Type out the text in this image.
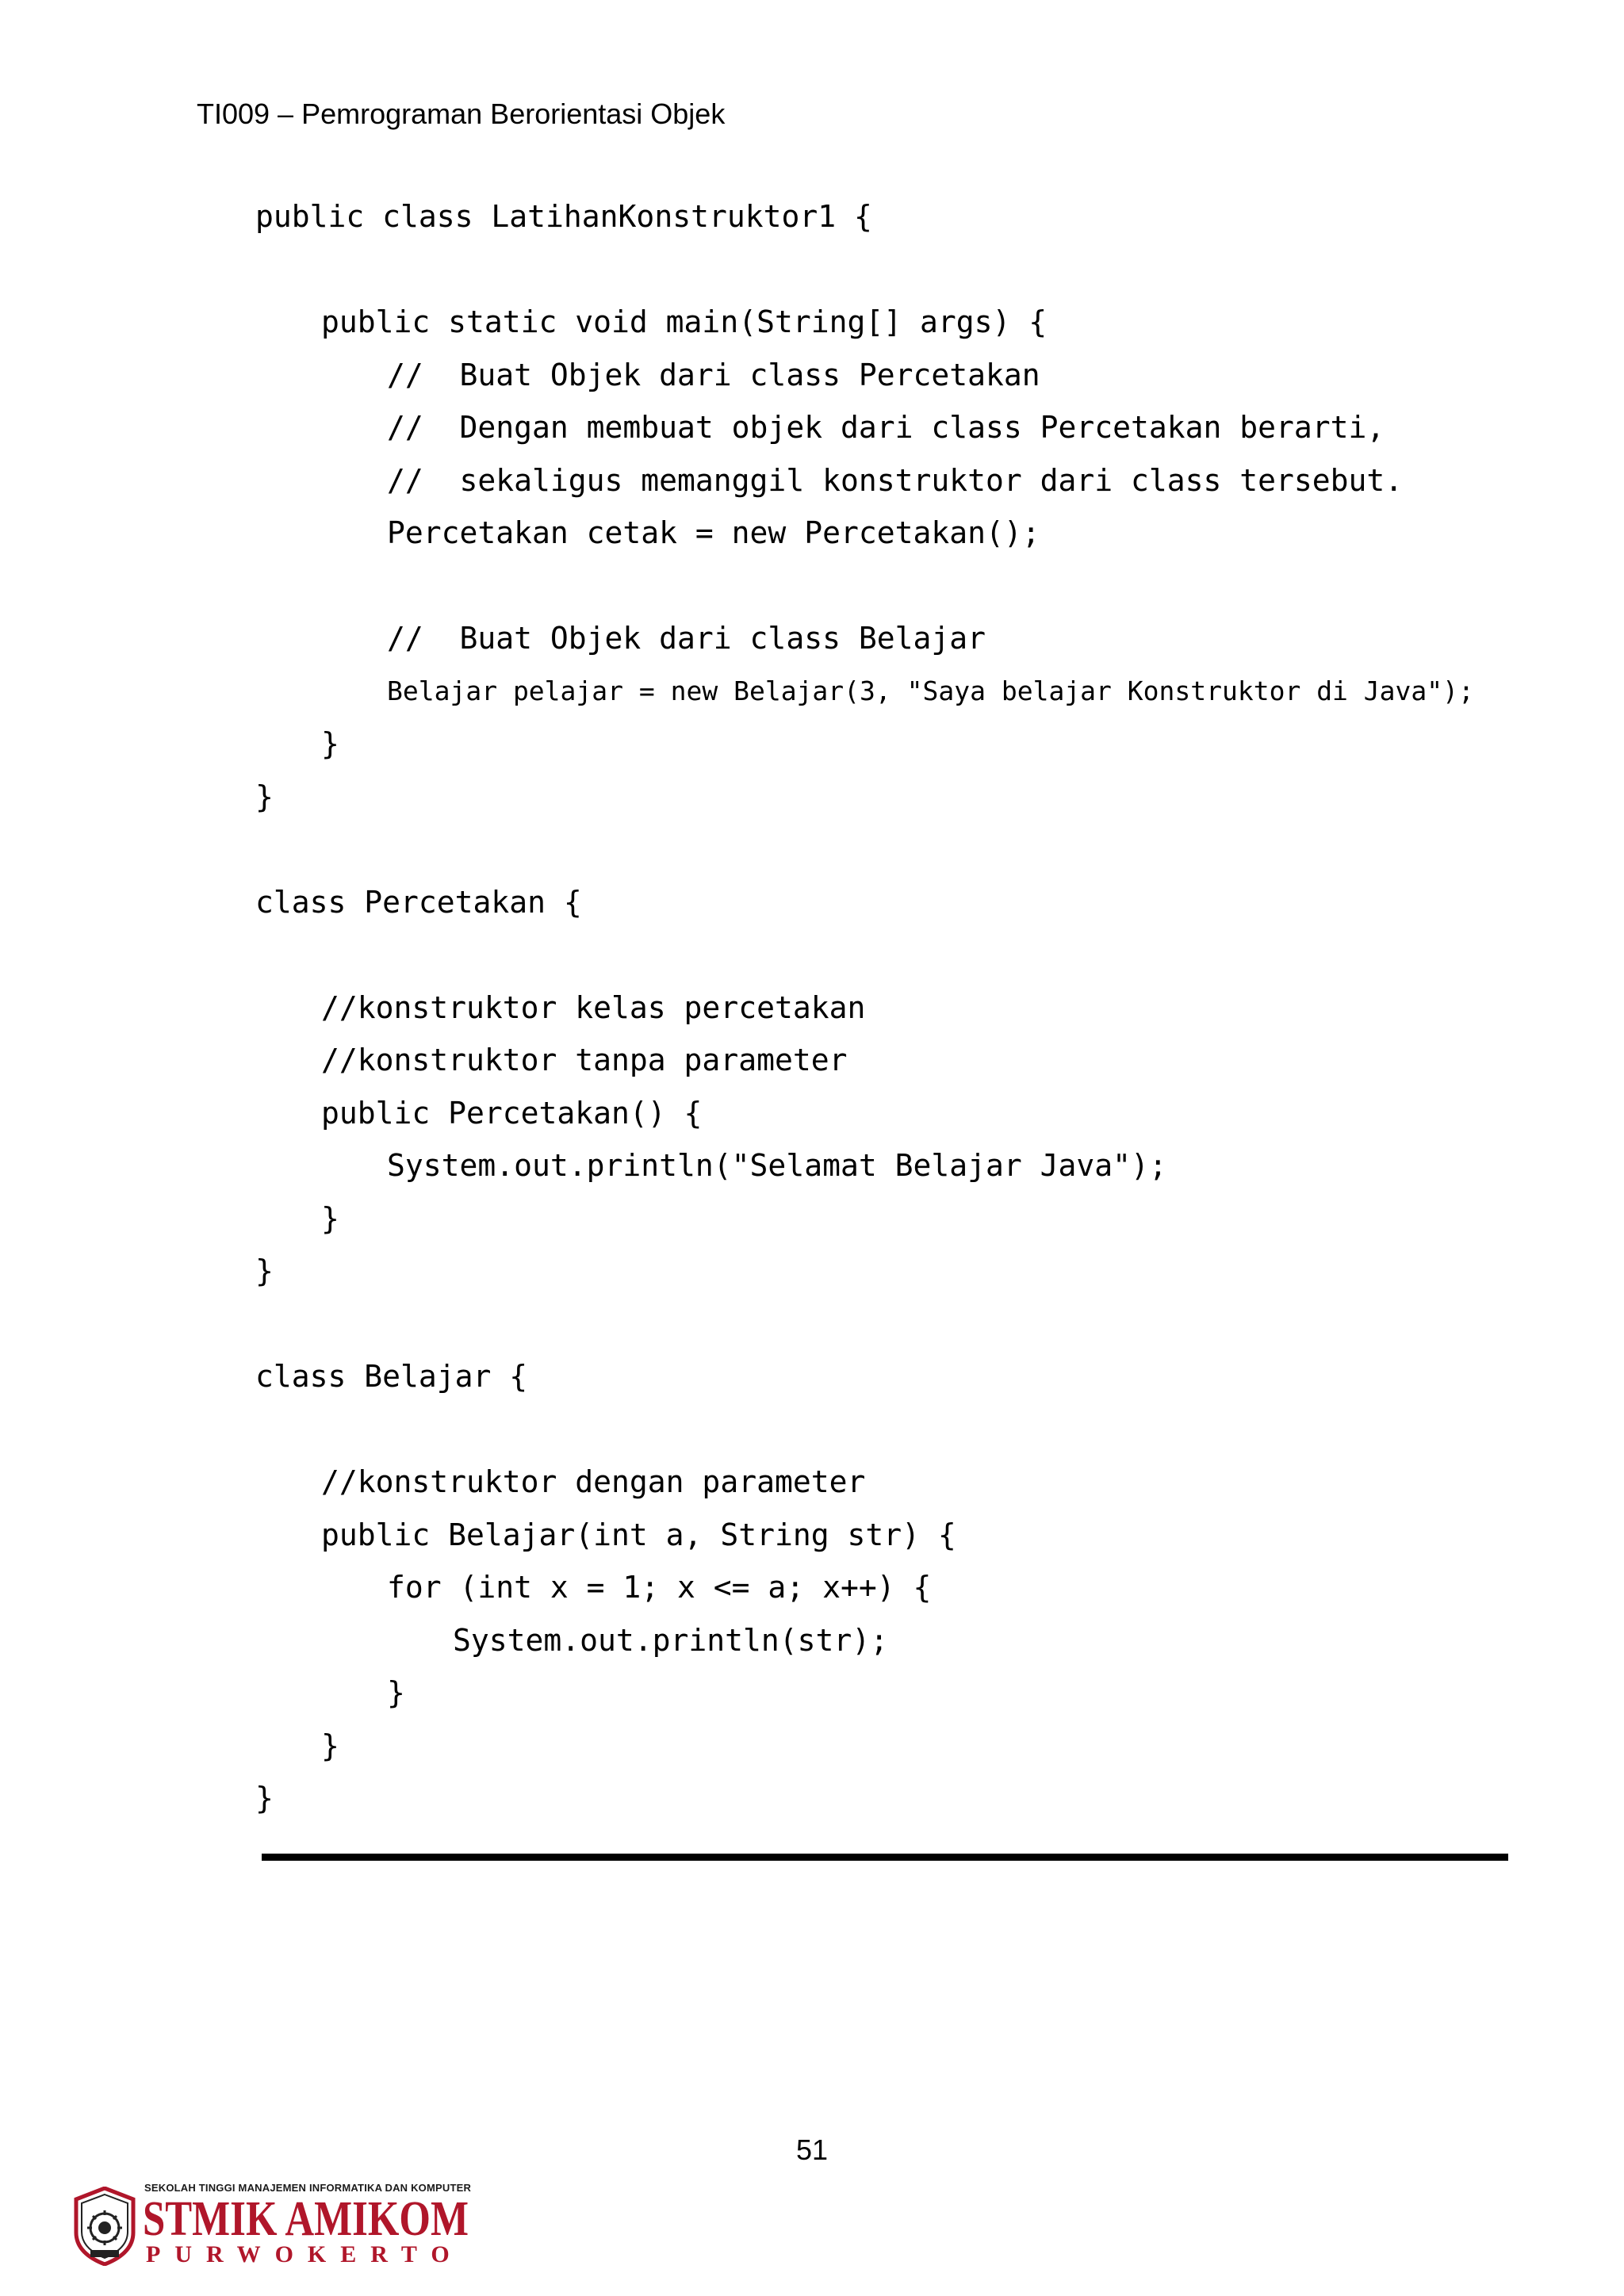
TI009 – Pemrograman Berorientasi Objek
public class LatihanKonstruktor1 {
public static void main(String[] args) {
//  Buat Objek dari class Percetakan
//  Dengan membuat objek dari class Percetakan berarti,
//  sekaligus memanggil konstruktor dari class tersebut.
Percetakan cetak = new Percetakan();
//  Buat Objek dari class Belajar
Belajar pelajar = new Belajar(3, "Saya belajar Konstruktor di Java");
}
}
class Percetakan {
//konstruktor kelas percetakan
//konstruktor tanpa parameter
public Percetakan() {
System.out.println("Selamat Belajar Java");
}
}
class Belajar {
//konstruktor dengan parameter
public Belajar(int a, String str) {
for (int x = 1; x <= a; x++) {
System.out.println(str);
}
}
}
51
SEKOLAH TINGGI MANAJEMEN INFORMATIKA DAN KOMPUTER
STMIK AMIKOM
PURWOKERTO
